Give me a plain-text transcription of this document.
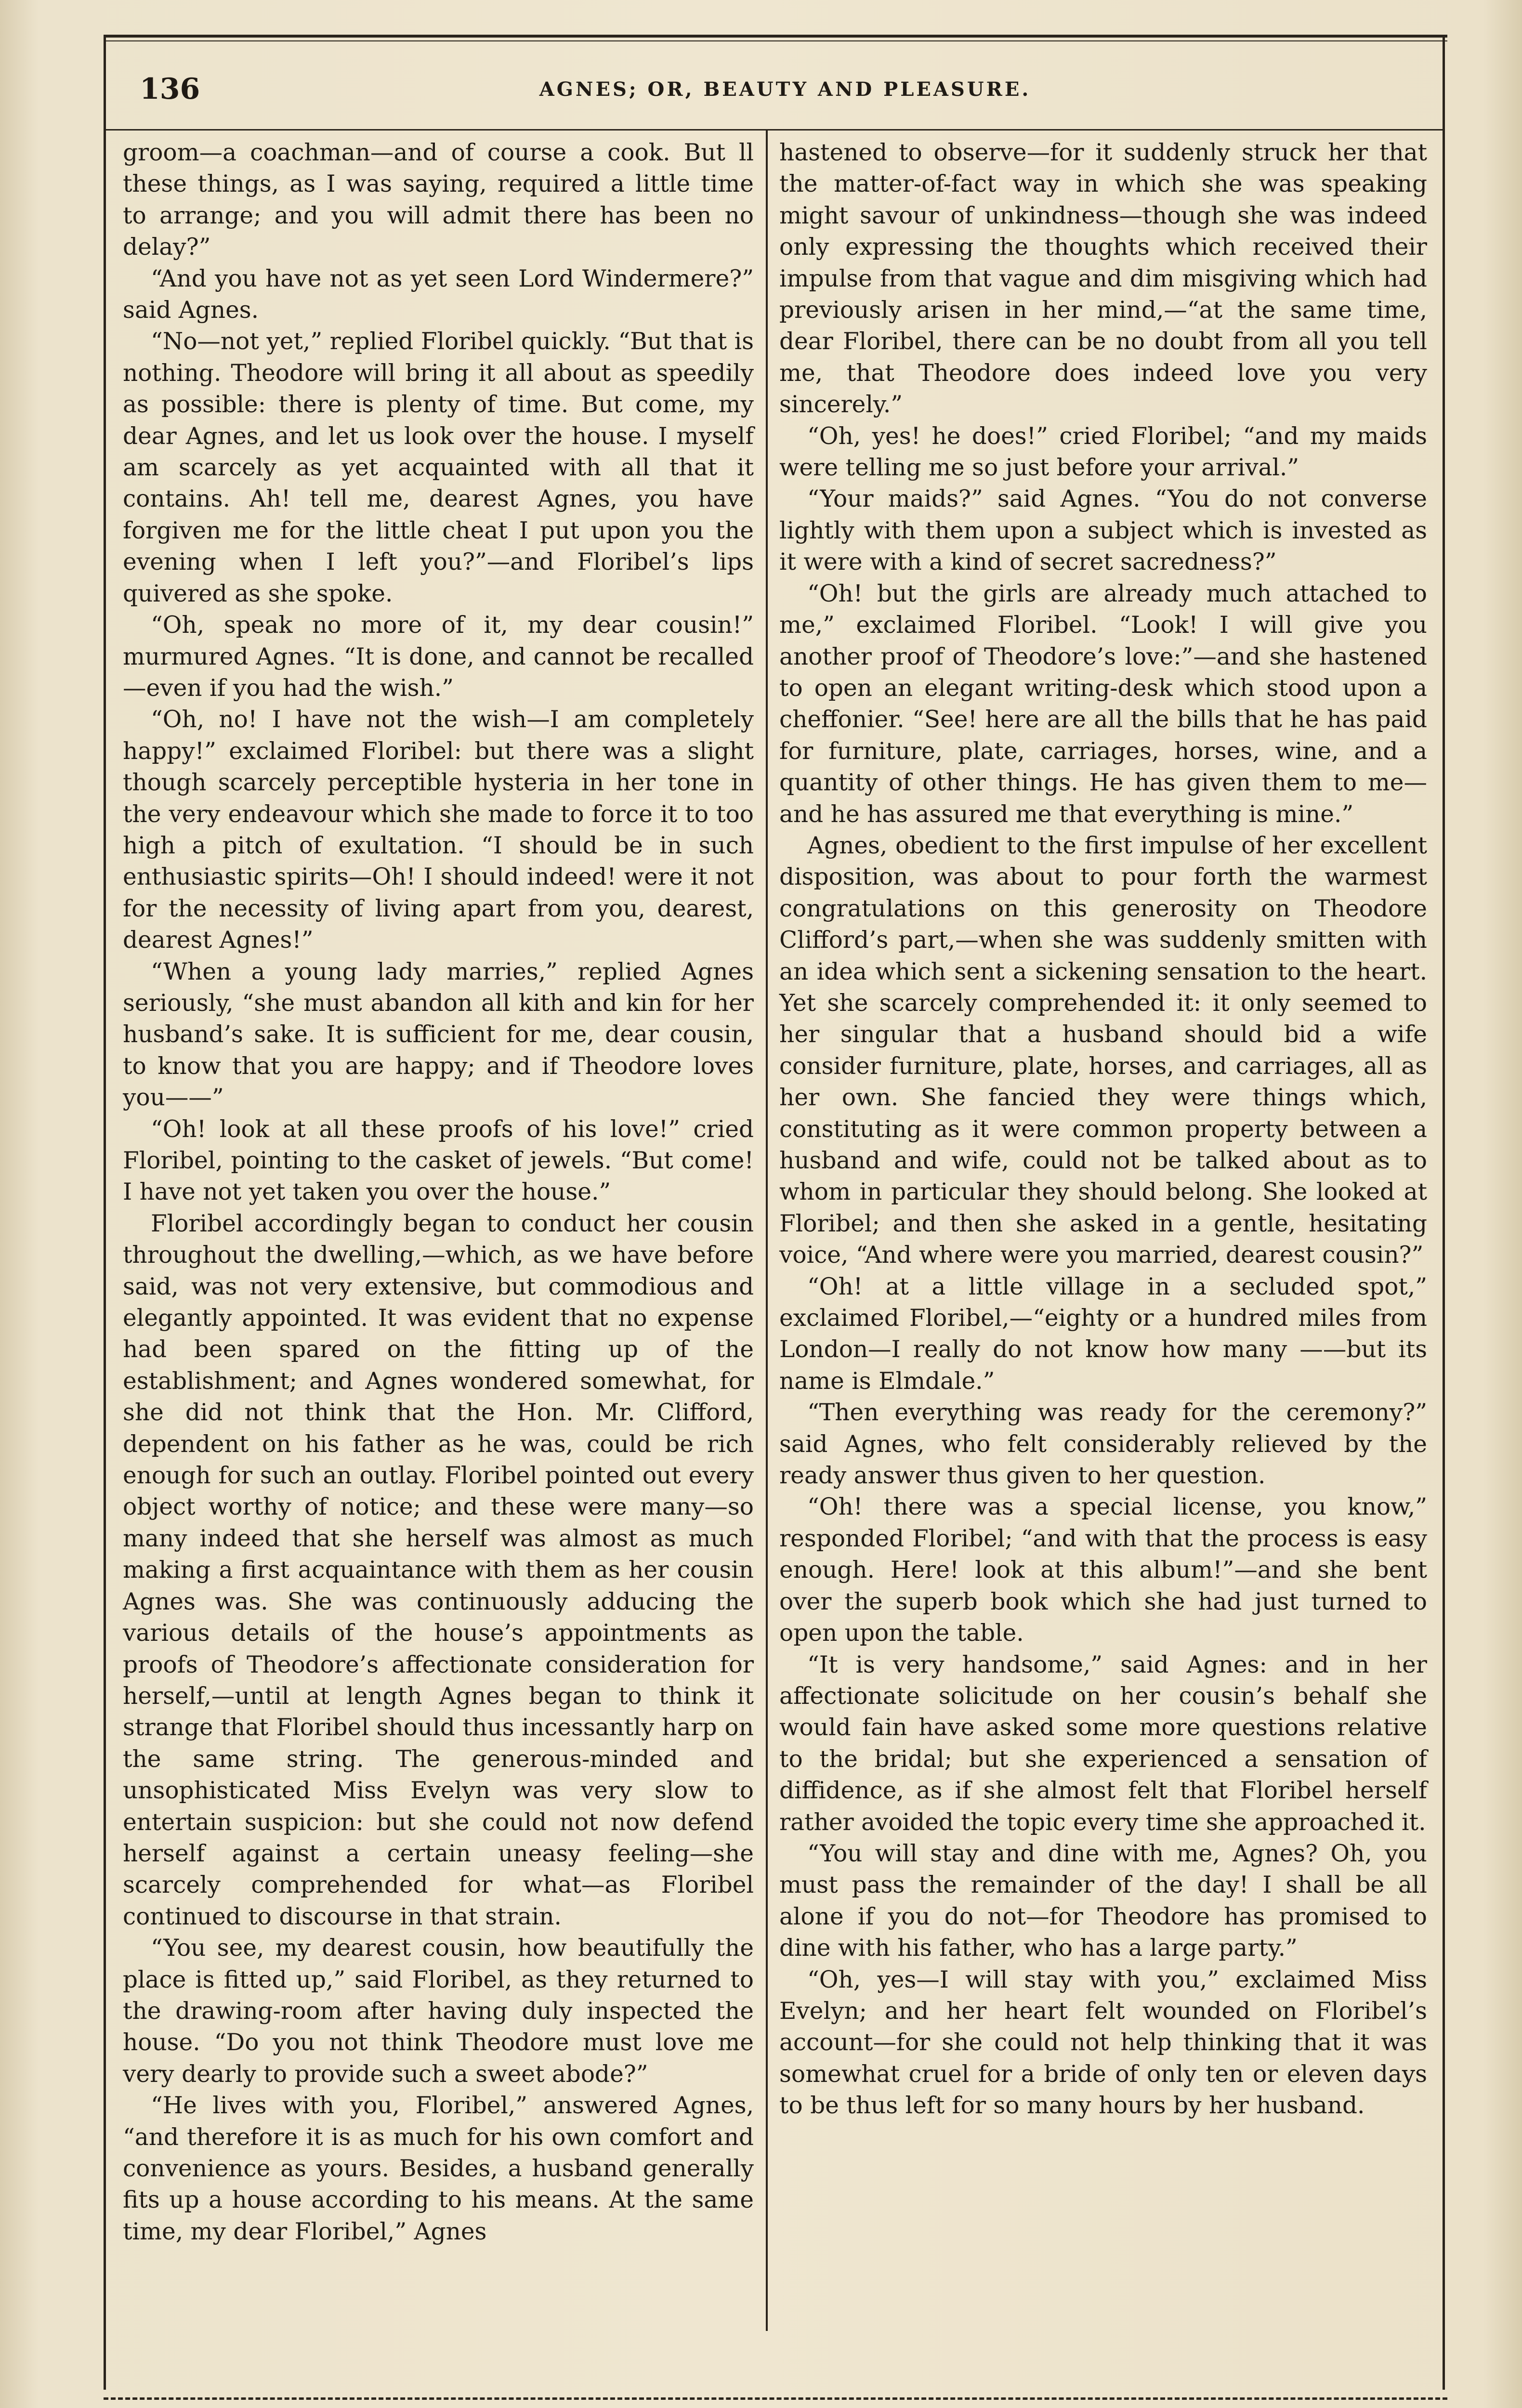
136	AGNES; OR, BEAUTY AND PLEASURE.

groom—a coachman—and of course a cook. But ll these things, as I was saying, required a little time to arrange; and you will admit there has been no delay?”

“And you have not as yet seen Lord Windermere?” said Agnes.

“No—not yet,” replied Floribel quickly. “But that is nothing. Theodore will bring it all about as speedily as possible: there is plenty of time. But come, my dear Agnes, and let us look over the house. I myself am scarcely as yet acquainted with all that it contains. Ah! tell me, dearest Agnes, you have forgiven me for the little cheat I put upon you the evening when I left you?”—and Floribel’s lips quivered as she spoke.

“Oh, speak no more of it, my dear cousin!” murmured Agnes. “It is done, and cannot be recalled—even if you had the wish.”

“Oh, no! I have not the wish—I am completely happy!” exclaimed Floribel: but there was a slight though scarcely perceptible hysteria in her tone in the very endeavour which she made to force it to too high a pitch of exultation. “I should be in such enthusiastic spirits—Oh! I should indeed! were it not for the necessity of living apart from you, dearest, dearest Agnes!”

“When a young lady marries,” replied Agnes seriously, “she must abandon all kith and kin for her husband’s sake. It is sufficient for me, dear cousin, to know that you are happy; and if Theodore loves you——”

“Oh! look at all these proofs of his love!” cried Floribel, pointing to the casket of jewels. “But come! I have not yet taken you over the house.”

Floribel accordingly began to conduct her cousin throughout the dwelling,—which, as we have before said, was not very extensive, but commodious and elegantly appointed. It was evident that no expense had been spared on the fitting up of the establishment; and Agnes wondered somewhat, for she did not think that the Hon. Mr. Clifford, dependent on his father as he was, could be rich enough for such an outlay. Floribel pointed out every object worthy of notice; and these were many—so many indeed that she herself was almost as much making a first acquaintance with them as her cousin Agnes was. She was continuously adducing the various details of the house’s appointments as proofs of Theodore’s affectionate consideration for herself,—until at length Agnes began to think it strange that Floribel should thus incessantly harp on the same string. The generous-minded and unsophisticated Miss Evelyn was very slow to entertain suspicion: but she could not now defend herself against a certain uneasy feeling—she scarcely comprehended for what—as Floribel continued to discourse in that strain.

“You see, my dearest cousin, how beautifully the place is fitted up,” said Floribel, as they returned to the drawing-room after having duly inspected the house. “Do you not think Theodore must love me very dearly to provide such a sweet abode?”

“He lives with you, Floribel,” answered Agnes, “and therefore it is as much for his own comfort and convenience as yours. Besides, a husband generally fits up a house according to his means. At the same time, my dear Floribel,” Agnes

hastened to observe—for it suddenly struck her that the matter-of-fact way in which she was speaking might savour of unkindness—though she was indeed only expressing the thoughts which received their impulse from that vague and dim misgiving which had previously arisen in her mind,—“at the same time, dear Floribel, there can be no doubt from all you tell me, that Theodore does indeed love you very sincerely.”

“Oh, yes! he does!” cried Floribel; “and my maids were telling me so just before your arrival.”

“Your maids?” said Agnes. “You do not converse lightly with them upon a subject which is invested as it were with a kind of secret sacredness?”

“Oh! but the girls are already much attached to me,” exclaimed Floribel. “Look! I will give you another proof of Theodore’s love:”—and she hastened to open an elegant writing-desk which stood upon a cheffonier. “See! here are all the bills that he has paid for furniture, plate, carriages, horses, wine, and a quantity of other things. He has given them to me—and he has assured me that everything is mine.”

Agnes, obedient to the first impulse of her excellent disposition, was about to pour forth the warmest congratulations on this generosity on Theodore Clifford’s part,—when she was suddenly smitten with an idea which sent a sickening sensation to the heart. Yet she scarcely comprehended it: it only seemed to her singular that a husband should bid a wife consider furniture, plate, horses, and carriages, all as her own. She fancied they were things which, constituting as it were common property between a husband and wife, could not be talked about as to whom in particular they should belong. She looked at Floribel; and then she asked in a gentle, hesitating voice, “And where were you married, dearest cousin?”

“Oh! at a little village in a secluded spot,” exclaimed Floribel,—“eighty or a hundred miles from London—I really do not know how many ——but its name is Elmdale.”

“Then everything was ready for the ceremony?” said Agnes, who felt considerably relieved by the ready answer thus given to her question.

“Oh! there was a special license, you know,” responded Floribel; “and with that the process is easy enough. Here! look at this album!”—and she bent over the superb book which she had just turned to open upon the table.

“It is very handsome,” said Agnes: and in her affectionate solicitude on her cousin’s behalf she would fain have asked some more questions relative to the bridal; but she experienced a sensation of diffidence, as if she almost felt that Floribel herself rather avoided the topic every time she approached it.

“You will stay and dine with me, Agnes? Oh, you must pass the remainder of the day! I shall be all alone if you do not—for Theodore has promised to dine with his father, who has a large party.”

“Oh, yes—I will stay with you,” exclaimed Miss Evelyn; and her heart felt wounded on Floribel’s account—for she could not help thinking that it was somewhat cruel for a bride of only ten or eleven days to be thus left for so many hours by her husband.
